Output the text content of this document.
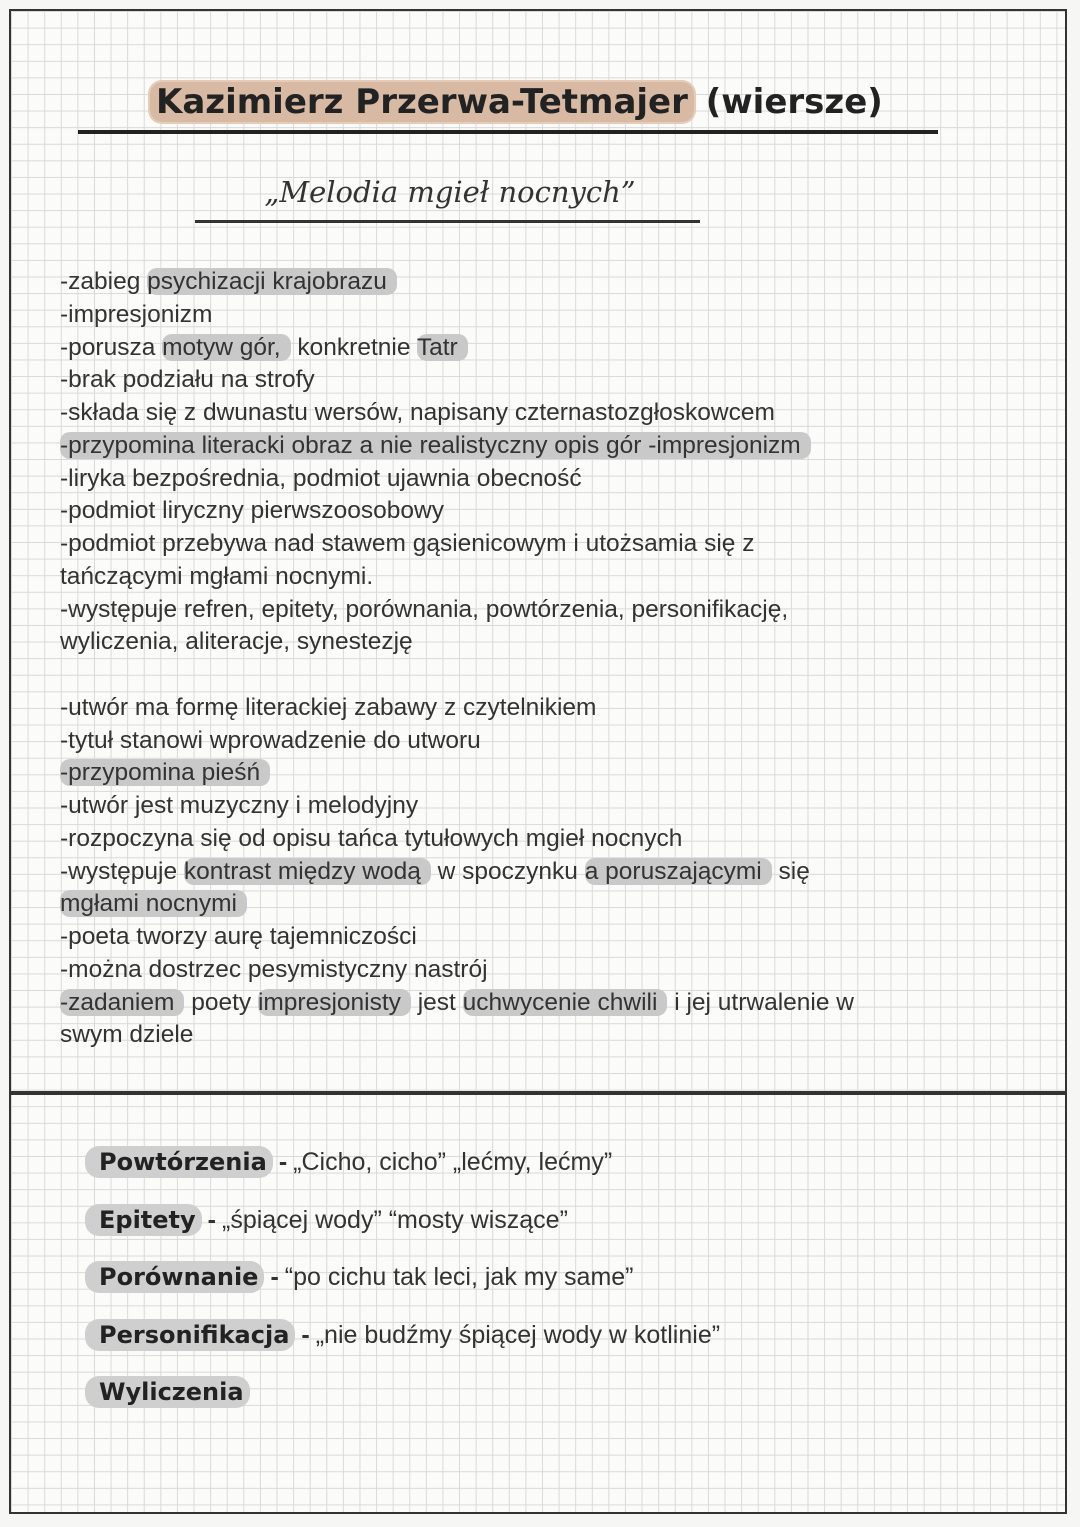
Kazimierz Przerwa-Tetmajer (wiersze)
„Melodia mgieł nocnych”
-zabieg psychizacji krajobrazu
-impresjonizm
-porusza motyw gór, konkretnie Tatr
-brak podziału na strofy
-składa się z dwunastu wersów, napisany czternastozgłoskowcem
-przypomina literacki obraz a nie realistyczny opis gór -impresjonizm
-liryka bezpośrednia, podmiot ujawnia obecność
-podmiot liryczny pierwszoosobowy
-podmiot przebywa nad stawem gąsienicowym i utożsamia się z
tańczącymi mgłami nocnymi.
-występuje refren, epitety, porównania, powtórzenia, personifikację,
wyliczenia, aliteracje, synestezję
-utwór ma formę literackiej zabawy z czytelnikiem
-tytuł stanowi wprowadzenie do utworu
-przypomina pieśń
-utwór jest muzyczny i melodyjny
-rozpoczyna się od opisu tańca tytułowych mgieł nocnych
-występuje kontrast między wodą w spoczynku a poruszającymi się
mgłami nocnymi
-poeta tworzy aurę tajemniczości
-można dostrzec pesymistyczny nastrój
-zadaniem poety impresjonisty jest uchwycenie chwili i jej utrwalenie w
swym dziele
Powtórzenia - „Cicho, cicho” „lećmy, lećmy”
Epitety - „śpiącej wody” “mosty wiszące”
Porównanie - “po cichu tak leci, jak my same”
Personifikacja - „nie budźmy śpiącej wody w kotlinie”
Wyliczenia
